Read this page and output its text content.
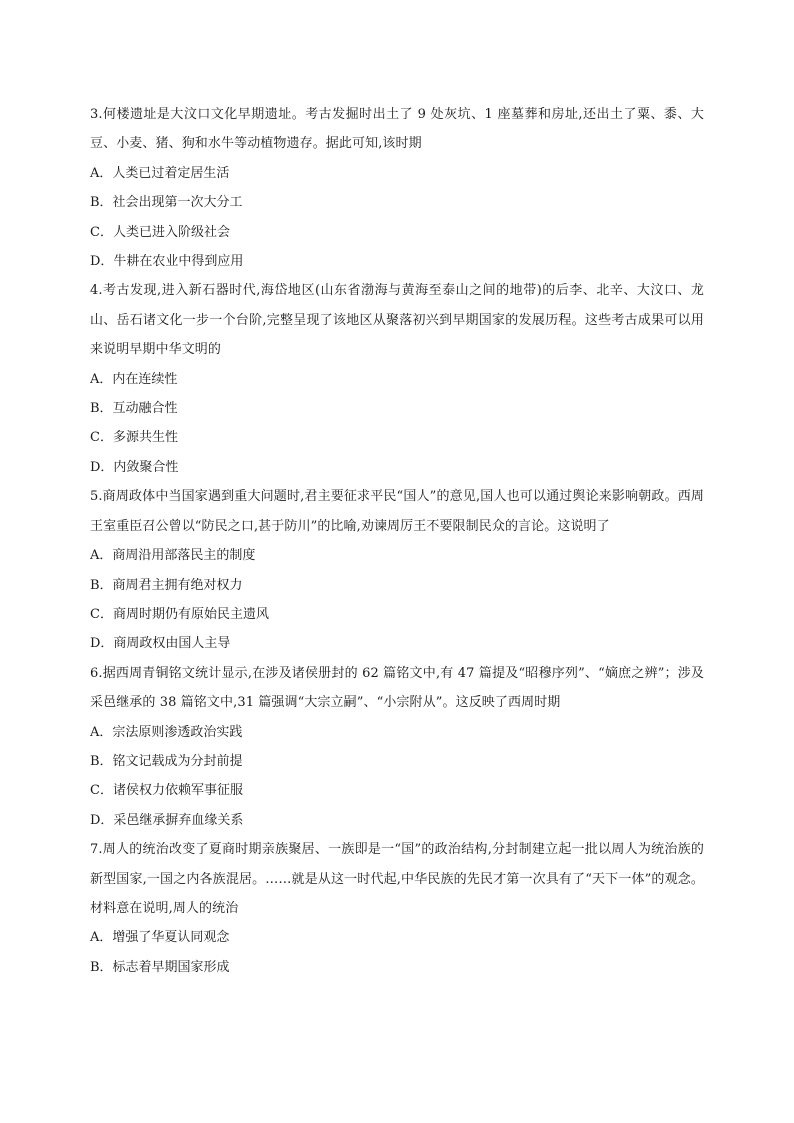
3.何楼遗址是大汶口文化早期遗址。考古发掘时出土了 9 处灰坑、1 座墓葬和房址,还出土了粟、黍、大豆、小麦、猪、狗和水牛等动植物遗存。据此可知,该时期

A．人类已过着定居生活
B．社会出现第一次大分工
C．人类已进入阶级社会
D．牛耕在农业中得到应用

4.考古发现,进入新石器时代,海岱地区(山东省渤海与黄海至泰山之间的地带)的后李、北辛、大汶口、龙山、岳石诸文化一步一个台阶,完整呈现了该地区从聚落初兴到早期国家的发展历程。这些考古成果可以用来说明早期中华文明的

A．内在连续性
B．互动融合性
C．多源共生性
D．内敛聚合性

5.商周政体中当国家遇到重大问题时,君主要征求平民“国人”的意见,国人也可以通过舆论来影响朝政。西周王室重臣召公曾以“防民之口,甚于防川”的比喻,劝谏周厉王不要限制民众的言论。这说明了

A．商周沿用部落民主的制度
B．商周君主拥有绝对权力
C．商周时期仍有原始民主遗风
D．商周政权由国人主导

6.据西周青铜铭文统计显示,在涉及诸侯册封的 62 篇铭文中,有 47 篇提及“昭穆序列”、“嫡庶之辨”；涉及采邑继承的 38 篇铭文中,31 篇强调“大宗立嗣”、“小宗附从”。这反映了西周时期

A．宗法原则渗透政治实践
B．铭文记载成为分封前提
C．诸侯权力依赖军事征服
D．采邑继承摒弃血缘关系

7.周人的统治改变了夏商时期亲族聚居、一族即是一“国”的政治结构,分封制建立起一批以周人为统治族的新型国家,一国之内各族混居。……就是从这一时代起,中华民族的先民才第一次具有了“天下一体”的观念。材料意在说明,周人的统治

A．增强了华夏认同观念
B．标志着早期国家形成
